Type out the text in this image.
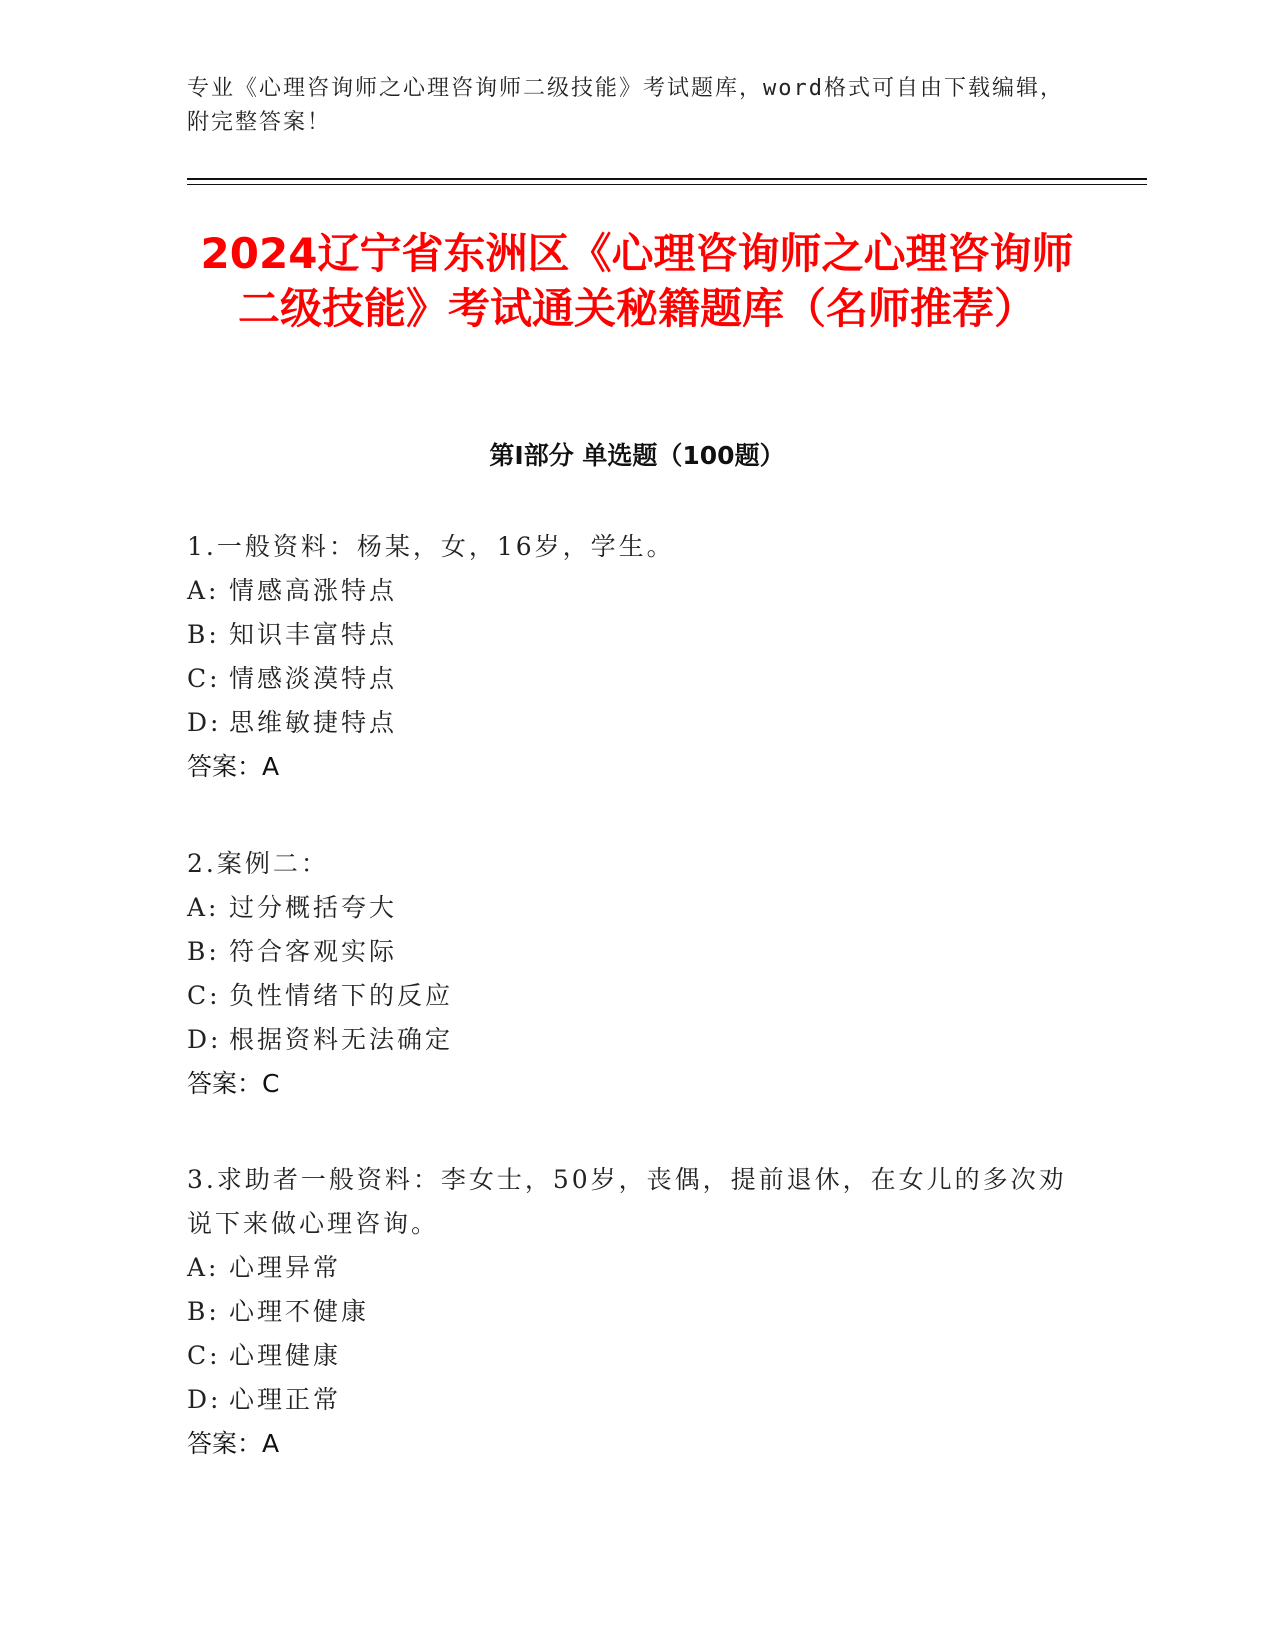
专业《心理咨询师之心理咨询师二级技能》考试题库，word格式可自由下载编辑，附完整答案！
2024辽宁省东洲区《心理咨询师之心理咨询师二级技能》考试通关秘籍题库（名师推荐）
第I部分 单选题（100题）
1.一般资料：杨某，女，16岁，学生。
A: 情感高涨特点
B: 知识丰富特点
C: 情感淡漠特点
D: 思维敏捷特点
答案：A
2.案例二：
A: 过分概括夸大
B: 符合客观实际
C: 负性情绪下的反应
D: 根据资料无法确定
答案：C
3.求助者一般资料：李女士，50岁，丧偶，提前退休，在女儿的多次劝说下来做心理咨询。
A: 心理异常
B: 心理不健康
C: 心理健康
D: 心理正常
答案：A
